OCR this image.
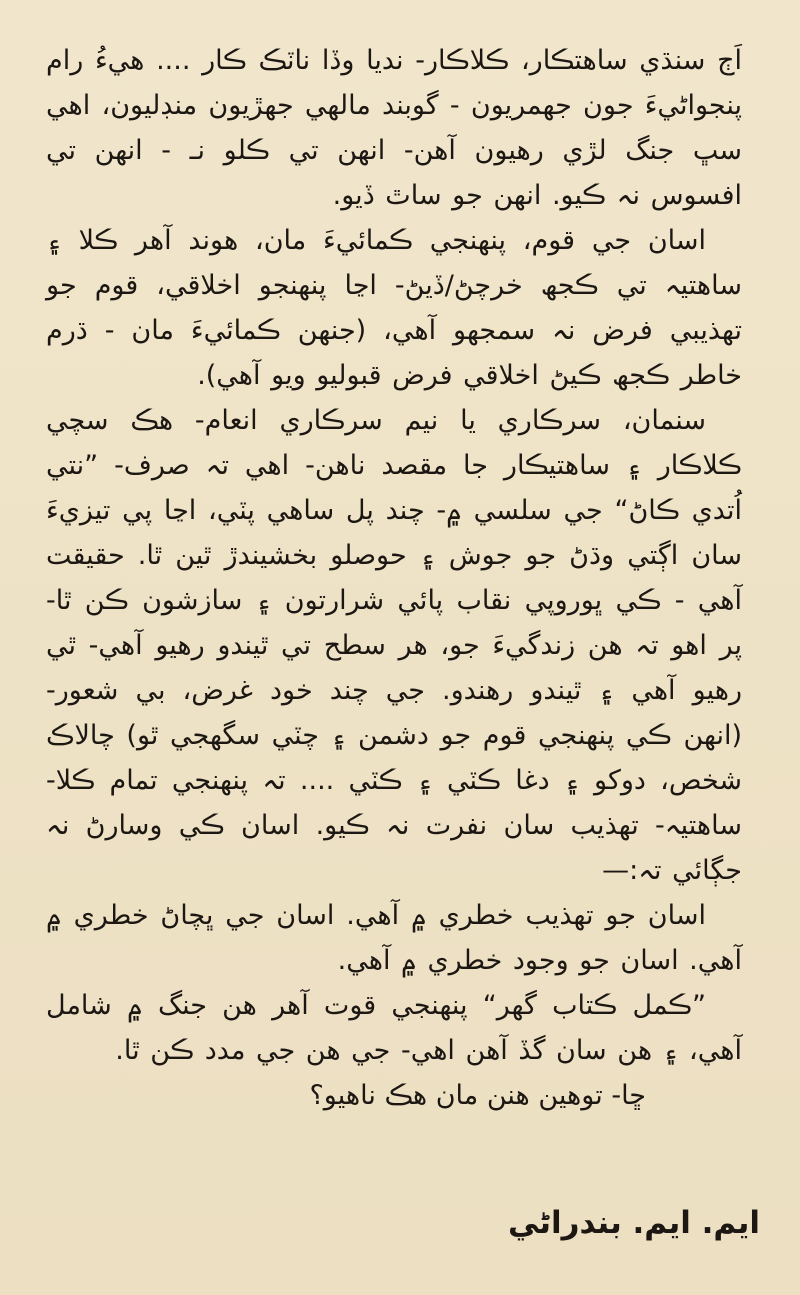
اَڄ سنڌي ساهتڪار، ڪلاڪار- نديا وڏا ناٽڪ ڪار .... هيءُ رام پنجواڻيءَ جون جهمريون - گوبند مالهي جهڙيون منڊليون، اهي سڀ جنگ لڙي رهيون آهن- انهن تي ڪلو نـ - انهن تي افسوس نہ ڪيو. انهن جو ساٿ ڏيو.

اسان جي قوم، پنهنجي ڪمائيءَ مان، هوند آهر ڪلا ۽ ساهتيہ تي ڪجھ خرچڻ/ڏيڻ- اڃا پنهنجو اخلاقي، قوم جو تهذيبي فرض نہ سمجهو آهي، (جنهن ڪمائيءَ مان - ڌرم خاطر ڪجھ ڪيڻ اخلاقي فرض قبوليو ويو آهي).

سنمان، سرڪاري يا نيم سرڪاري انعام- هڪ سچي ڪلاڪار ۽ ساهتيڪار جا مقصد ناهن- اهي تہ صرف- ”نتي اُتدي ڪاڻ“ جي سلسي ۾- چند پل ساهي پٽي، اڃا پي تيزيءَ سان اڳتي وڌڻ جو جوش ۽ حوصلو بخشيندڙ ٿين ٿا. حقيقت آهي - ڪي ڀوروپي نقاب پائي شرارتون ۽ سازشون ڪن ٿا- پر اهو تہ هن زندگيءَ جو، هر سطح تي ٿيندو رهيو آهي- ٿي رهيو آهي ۽ ٿيندو رهندو. جي چند خود غرض، بي شعور- (انهن ڪي پنهنجي قوم جو دشمن ۽ چٽي سگهجي ٿو) چالاڪ شخص، دوکو ۽ دغا ڪٽي ۽ ڪٽي .... تہ پنهنجي تمام ڪلا- ساهتيہ- تهذيب سان نفرت نہ ڪيو. اسان ڪي وسارڻ نہ جڳائي تہ:—

اسان جو تهذيب خطري ۾ آهي. اسان جي ڀچاڻ خطري ۾ آهي. اسان جو وجود خطري ۾ آهي.

”ڪمل ڪتاب گهر“ پنهنجي قوت آهر هن جنگ ۾ شامل آهي، ۽ هن سان گڏ آهن اهي- جي هن جي مدد ڪن ٿا.

ڇا- توهين هنن مان هڪ ناهيو؟

ايم. ايم. بندراڻي
